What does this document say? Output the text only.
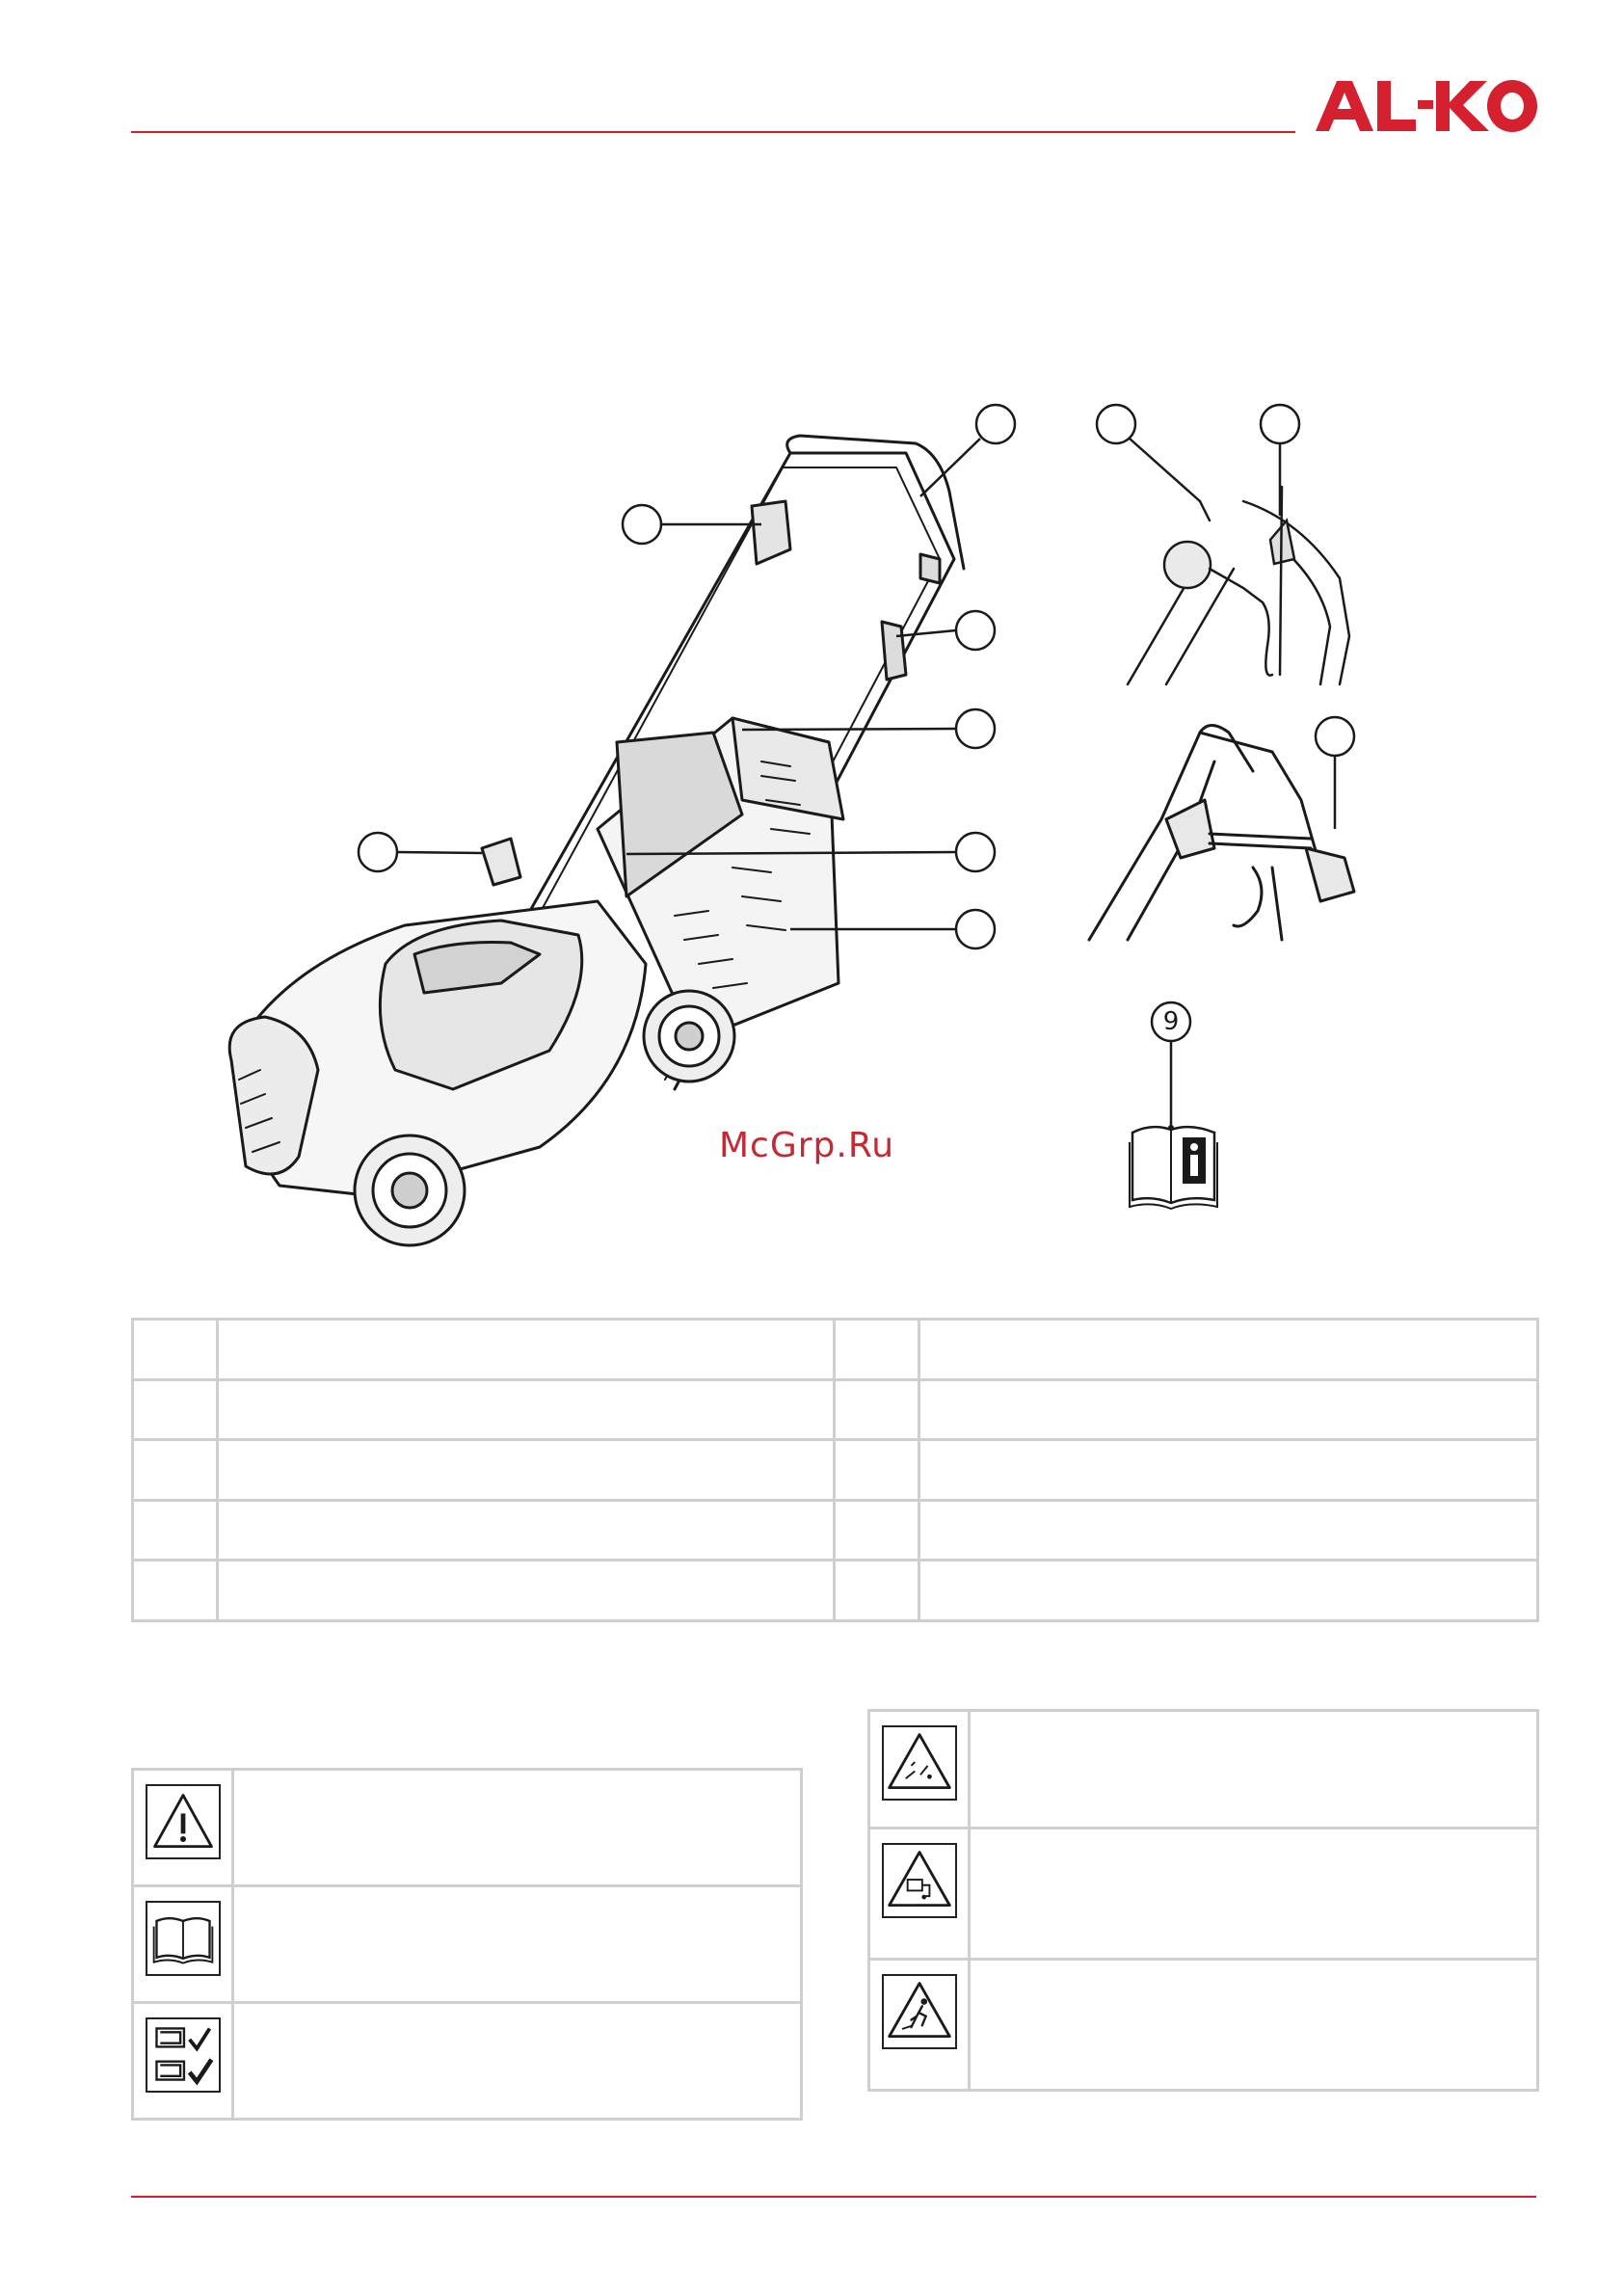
9
McGrp.Ru
